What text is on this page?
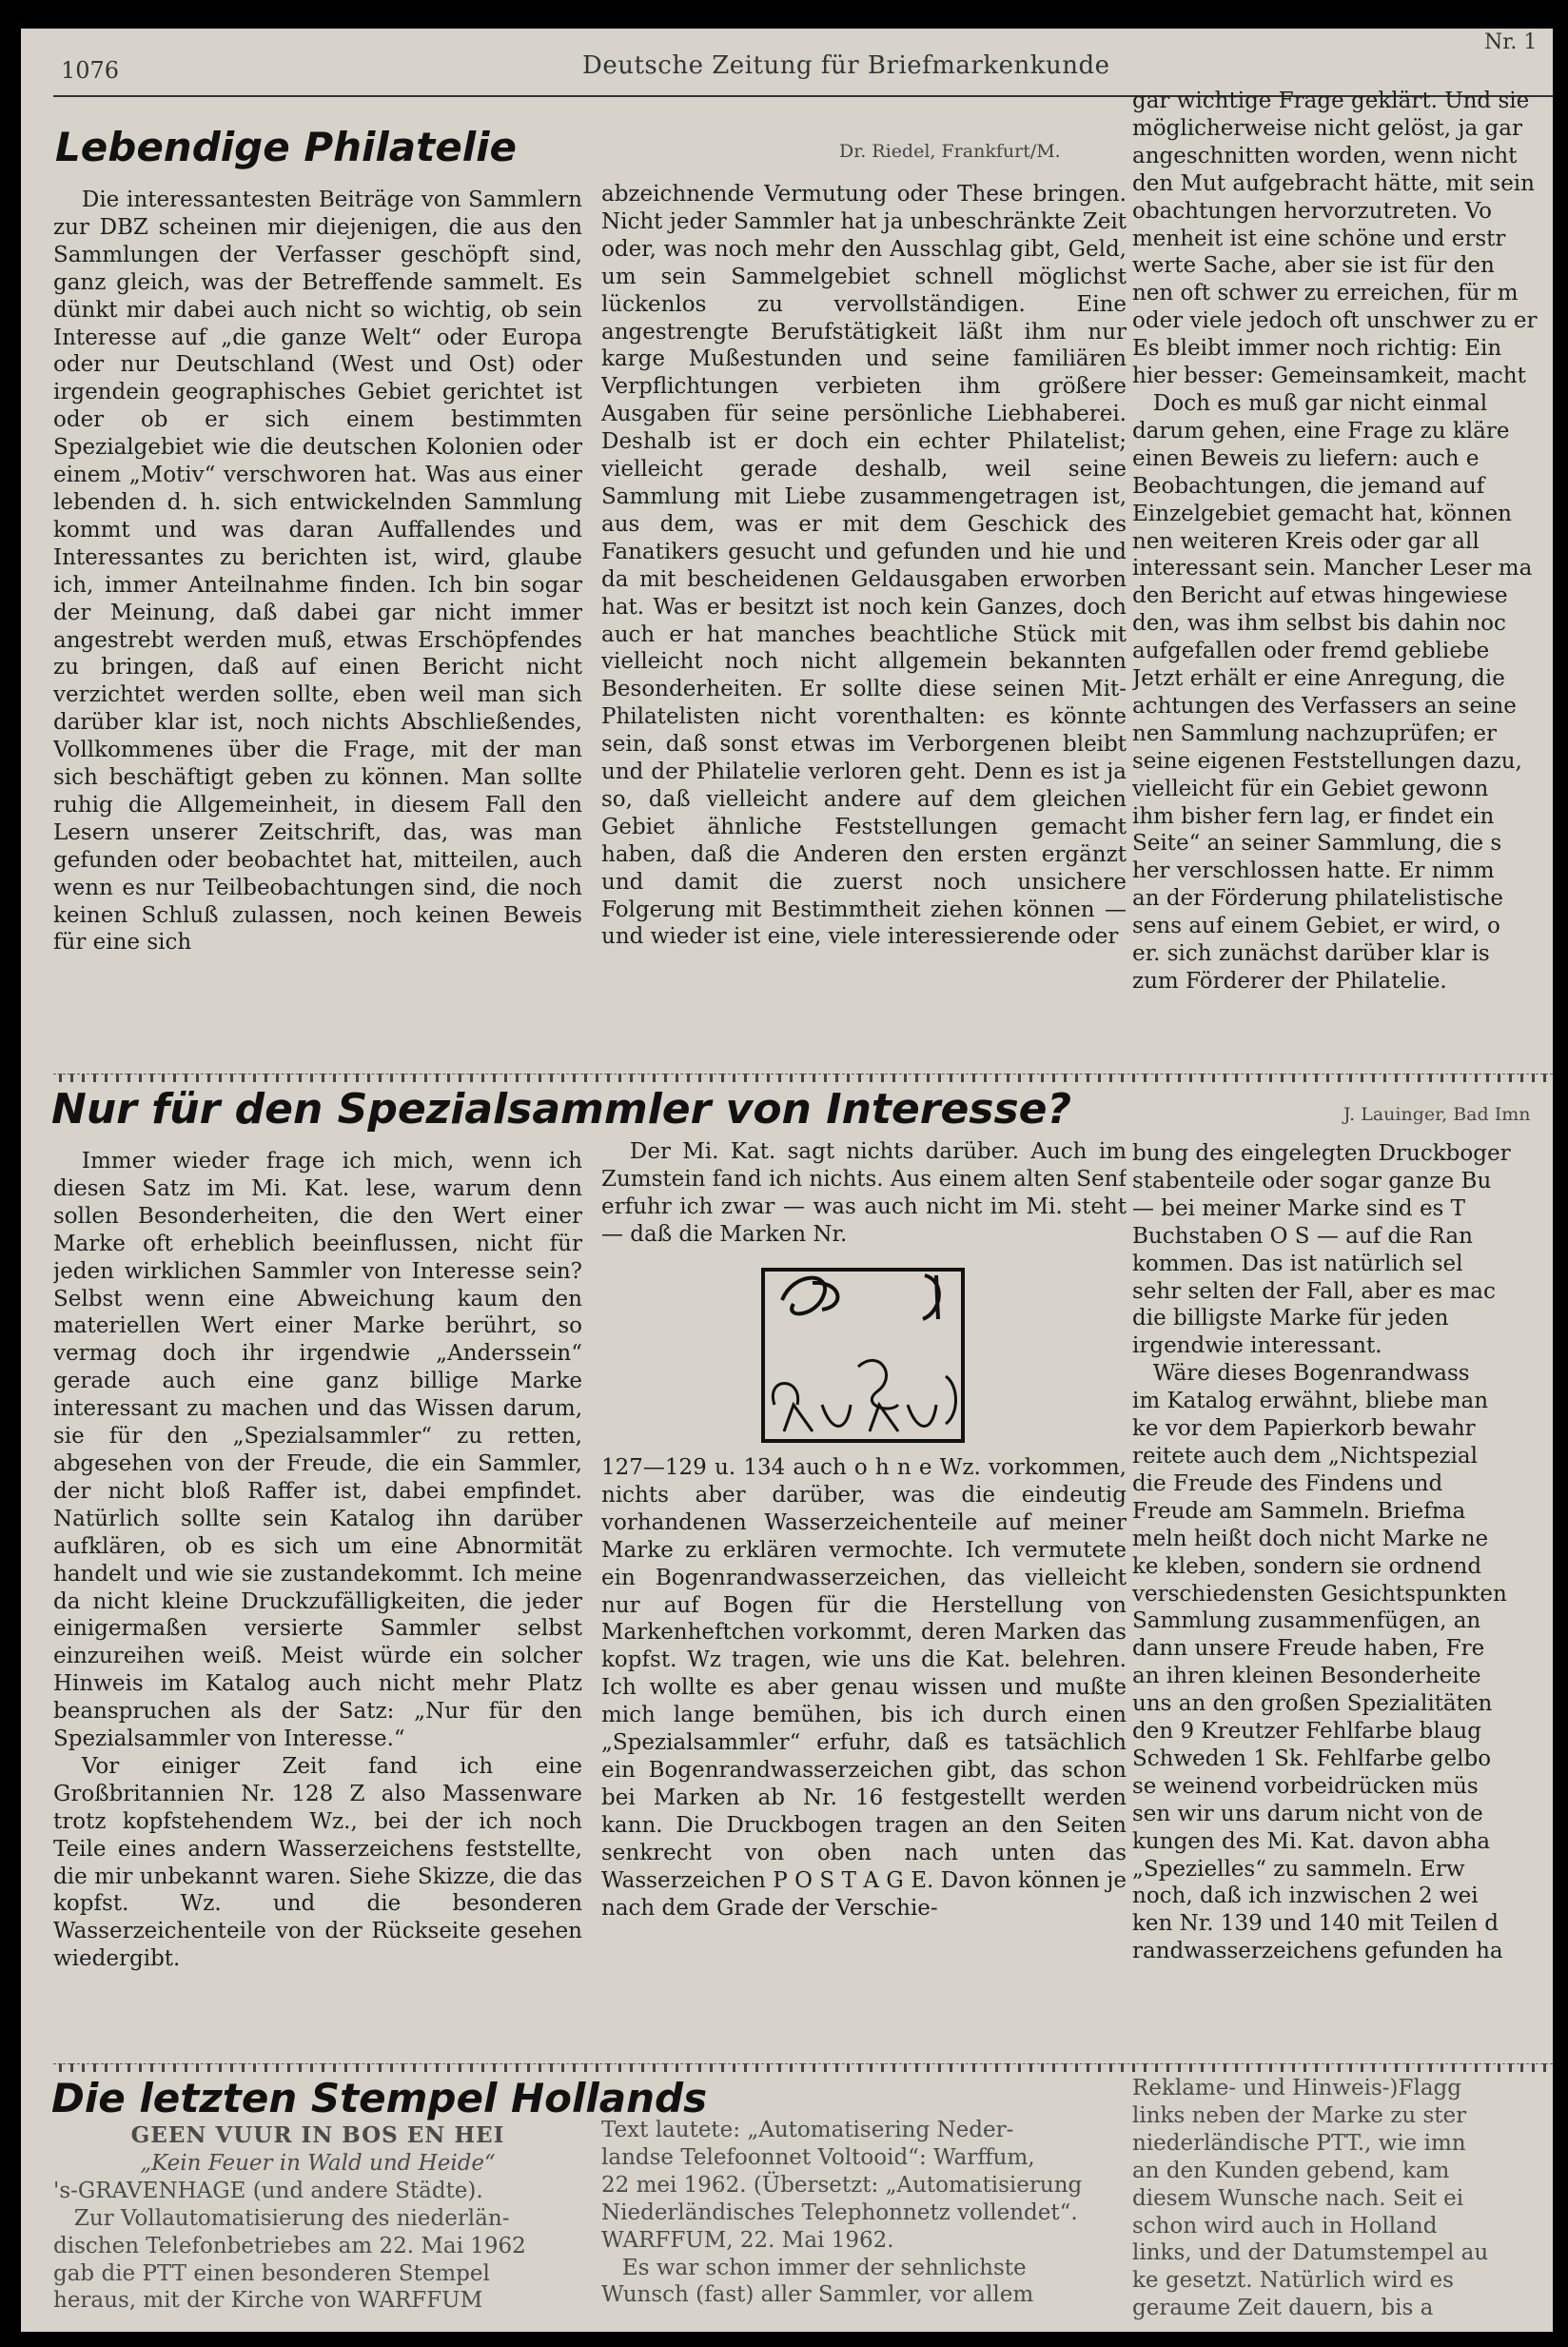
1076	Deutsche Zeitung für Briefmarkenkunde
Nr. 1
Lebendige Philatelie	Dr. Riedel, Frankfurt/M.

Die interessantesten Beiträge von Sammlern zur DBZ scheinen mir diejenigen, die aus den Sammlungen der Verfasser geschöpft sind, ganz gleich, was der Betreffende sammelt. Es dünkt mir dabei auch nicht so wichtig, ob sein Interesse auf „die ganze Welt“ oder Europa oder nur Deutschland (West und Ost) oder irgendein geographisches Gebiet gerichtet ist oder ob er sich einem bestimmten Spezialgebiet wie die deutschen Kolonien oder einem „Motiv“ verschworen hat. Was aus einer lebenden d. h. sich entwickelnden Sammlung kommt und was daran Auffallendes und Interessantes zu berichten ist, wird, glaube ich, immer Anteilnahme finden. Ich bin sogar der Meinung, daß dabei gar nicht immer angestrebt werden muß, etwas Erschöpfendes zu bringen, daß auf einen Bericht nicht verzichtet werden sollte, eben weil man sich darüber klar ist, noch nichts Abschließendes, Vollkommenes über die Frage, mit der man sich beschäftigt geben zu können. Man sollte ruhig die Allgemeinheit, in diesem Fall den Lesern unserer Zeitschrift, das, was man gefunden oder beobachtet hat, mitteilen, auch wenn es nur Teilbeobachtungen sind, die noch keinen Schluß zulassen, noch keinen Beweis für eine sich

abzeichnende Vermutung oder These bringen. Nicht jeder Sammler hat ja unbeschränkte Zeit oder, was noch mehr den Ausschlag gibt, Geld, um sein Sammelgebiet schnell möglichst lückenlos zu vervollständigen. Eine angestrengte Berufstätigkeit läßt ihm nur karge Mußestunden und seine familiären Verpflichtungen verbieten ihm größere Ausgaben für seine persönliche Liebhaberei. Deshalb ist er doch ein echter Philatelist; vielleicht gerade deshalb, weil seine Sammlung mit Liebe zusammengetragen ist, aus dem, was er mit dem Geschick des Fanatikers gesucht und gefunden und hie und da mit bescheidenen Geldausgaben erworben hat. Was er besitzt ist noch kein Ganzes, doch auch er hat manches beachtliche Stück mit vielleicht noch nicht allgemein bekannten Besonderheiten. Er sollte diese seinen Mit-Philatelisten nicht vorenthalten: es könnte sein, daß sonst etwas im Verborgenen bleibt und der Philatelie verloren geht. Denn es ist ja so, daß vielleicht andere auf dem gleichen Gebiet ähnliche Feststellungen gemacht haben, daß die Anderen den ersten ergänzt und damit die zuerst noch unsichere Folgerung mit Bestimmtheit ziehen können — und wieder ist eine, viele interessierende oder

gar wichtige Frage geklärt. Und sie
möglicherweise nicht gelöst, ja gar
angeschnitten worden, wenn nicht
den Mut aufgebracht hätte, mit sein
obachtungen hervorzutreten. Vo
menheit ist eine schöne und erstr
werte Sache, aber sie ist für den
nen oft schwer zu erreichen, für m
oder viele jedoch oft unschwer zu er
Es bleibt immer noch richtig: Ein
hier besser: Gemeinsamkeit, macht
Doch es muß gar nicht einmal
darum gehen, eine Frage zu kläre
einen Beweis zu liefern: auch e
Beobachtungen, die jemand auf
Einzelgebiet gemacht hat, können
nen weiteren Kreis oder gar all
interessant sein. Mancher Leser ma
den Bericht auf etwas hingewiese
den, was ihm selbst bis dahin noc
aufgefallen oder fremd gebliebe
Jetzt erhält er eine Anregung, die
achtungen des Verfassers an seine
nen Sammlung nachzuprüfen; er
seine eigenen Feststellungen dazu,
vielleicht für ein Gebiet gewonn
ihm bisher fern lag, er findet ein
Seite“ an seiner Sammlung, die s
her verschlossen hatte. Er nimm
an der Förderung philatelistische
sens auf einem Gebiet, er wird, o
er. sich zunächst darüber klar is
zum Förderer der Philatelie.
Nur für den Spezialsammler von Interesse?	J. Lauinger, Bad Imn

Immer wieder frage ich mich, wenn ich diesen Satz im Mi. Kat. lese, warum denn sollen Besonderheiten, die den Wert einer Marke oft erheblich beeinflussen, nicht für jeden wirklichen Sammler von Interesse sein? Selbst wenn eine Abweichung kaum den materiellen Wert einer Marke berührt, so vermag doch ihr irgendwie „Anderssein“ gerade auch eine ganz billige Marke interessant zu machen und das Wissen darum, sie für den „Spezialsammler“ zu retten, abgesehen von der Freude, die ein Sammler, der nicht bloß Raffer ist, dabei empfindet. Natürlich sollte sein Katalog ihn darüber aufklären, ob es sich um eine Abnormität handelt und wie sie zustandekommt. Ich meine da nicht kleine Druckzufälligkeiten, die jeder einigermaßen versierte Sammler selbst einzureihen weiß. Meist würde ein solcher Hinweis im Katalog auch nicht mehr Platz beanspruchen als der Satz: „Nur für den Spezialsammler von Interesse.“

Vor einiger Zeit fand ich eine Großbritannien Nr. 128 Z also Massenware trotz kopfstehendem Wz., bei der ich noch Teile eines andern Wasserzeichens feststellte, die mir unbekannt waren. Siehe Skizze, die das kopfst. Wz. und die besonderen Wasserzeichenteile von der Rückseite gesehen wiedergibt.

Der Mi. Kat. sagt nichts darüber. Auch im Zumstein fand ich nichts. Aus einem alten Senf erfuhr ich zwar — was auch nicht im Mi. steht — daß die Marken Nr.

127—129 u. 134 auch o h n e Wz. vorkommen, nichts aber darüber, was die eindeutig vorhandenen Wasserzeichenteile auf meiner Marke zu erklären vermochte. Ich vermutete ein Bogenrandwasserzeichen, das vielleicht nur auf Bogen für die Herstellung von Markenheftchen vorkommt, deren Marken das kopfst. Wz tragen, wie uns die Kat. belehren. Ich wollte es aber genau wissen und mußte mich lange bemühen, bis ich durch einen „Spezialsammler“ erfuhr, daß es tatsächlich ein Bogenrandwasserzeichen gibt, das schon bei Marken ab Nr. 16 festgestellt werden kann. Die Druckbogen tragen an den Seiten senkrecht von oben nach unten das Wasserzeichen P O S T A G E. Davon können je nach dem Grade der Verschie-

bung des eingelegten Druckboger
stabenteile oder sogar ganze Bu
— bei meiner Marke sind es T
Buchstaben O S — auf die Ran
kommen. Das ist natürlich sel
sehr selten der Fall, aber es mac
die billigste Marke für jeden
irgendwie interessant.
Wäre dieses Bogenrandwass
im Katalog erwähnt, bliebe man
ke vor dem Papierkorb bewahr
reitete auch dem „Nichtspezial
die Freude des Findens und
Freude am Sammeln. Briefma
meln heißt doch nicht Marke ne
ke kleben, sondern sie ordnend
verschiedensten Gesichtspunkten
Sammlung zusammenfügen, an
dann unsere Freude haben, Fre
an ihren kleinen Besonderheite
uns an den großen Spezialitäten
den 9 Kreutzer Fehlfarbe blaug
Schweden 1 Sk. Fehlfarbe gelbo
se weinend vorbeidrücken müs
sen wir uns darum nicht von de
kungen des Mi. Kat. davon abha
„Spezielles“ zu sammeln. Erw
noch, daß ich inzwischen 2 wei
ken Nr. 139 und 140 mit Teilen d
randwasserzeichens gefunden ha
Die letzten Stempel Hollands

GEEN VUUR IN BOS EN HEI

„Kein Feuer in Wald und Heide“

's-GRAVENHAGE (und andere Städte).
Zur Vollautomatisierung des niederlän-
dischen Telefonbetriebes am 22. Mai 1962
gab die PTT einen besonderen Stempel
heraus, mit der Kirche von WARFFUM
Text lautete: „Automatisering Neder-
landse Telefoonnet Voltooid“: Warffum,
22 mei 1962. (Übersetzt: „Automatisierung
Niederländisches Telephonnetz vollendet“.
WARFFUM, 22. Mai 1962.
Es war schon immer der sehnlichste
Wunsch (fast) aller Sammler, vor allem
Reklame- und Hinweis-)Flagg
links neben der Marke zu ster
niederländische PTT., wie imn
an den Kunden gebend, kam
diesem Wunsche nach. Seit ei
schon wird auch in Holland
links, und der Datumstempel au
ke gesetzt. Natürlich wird es
geraume Zeit dauern, bis a
